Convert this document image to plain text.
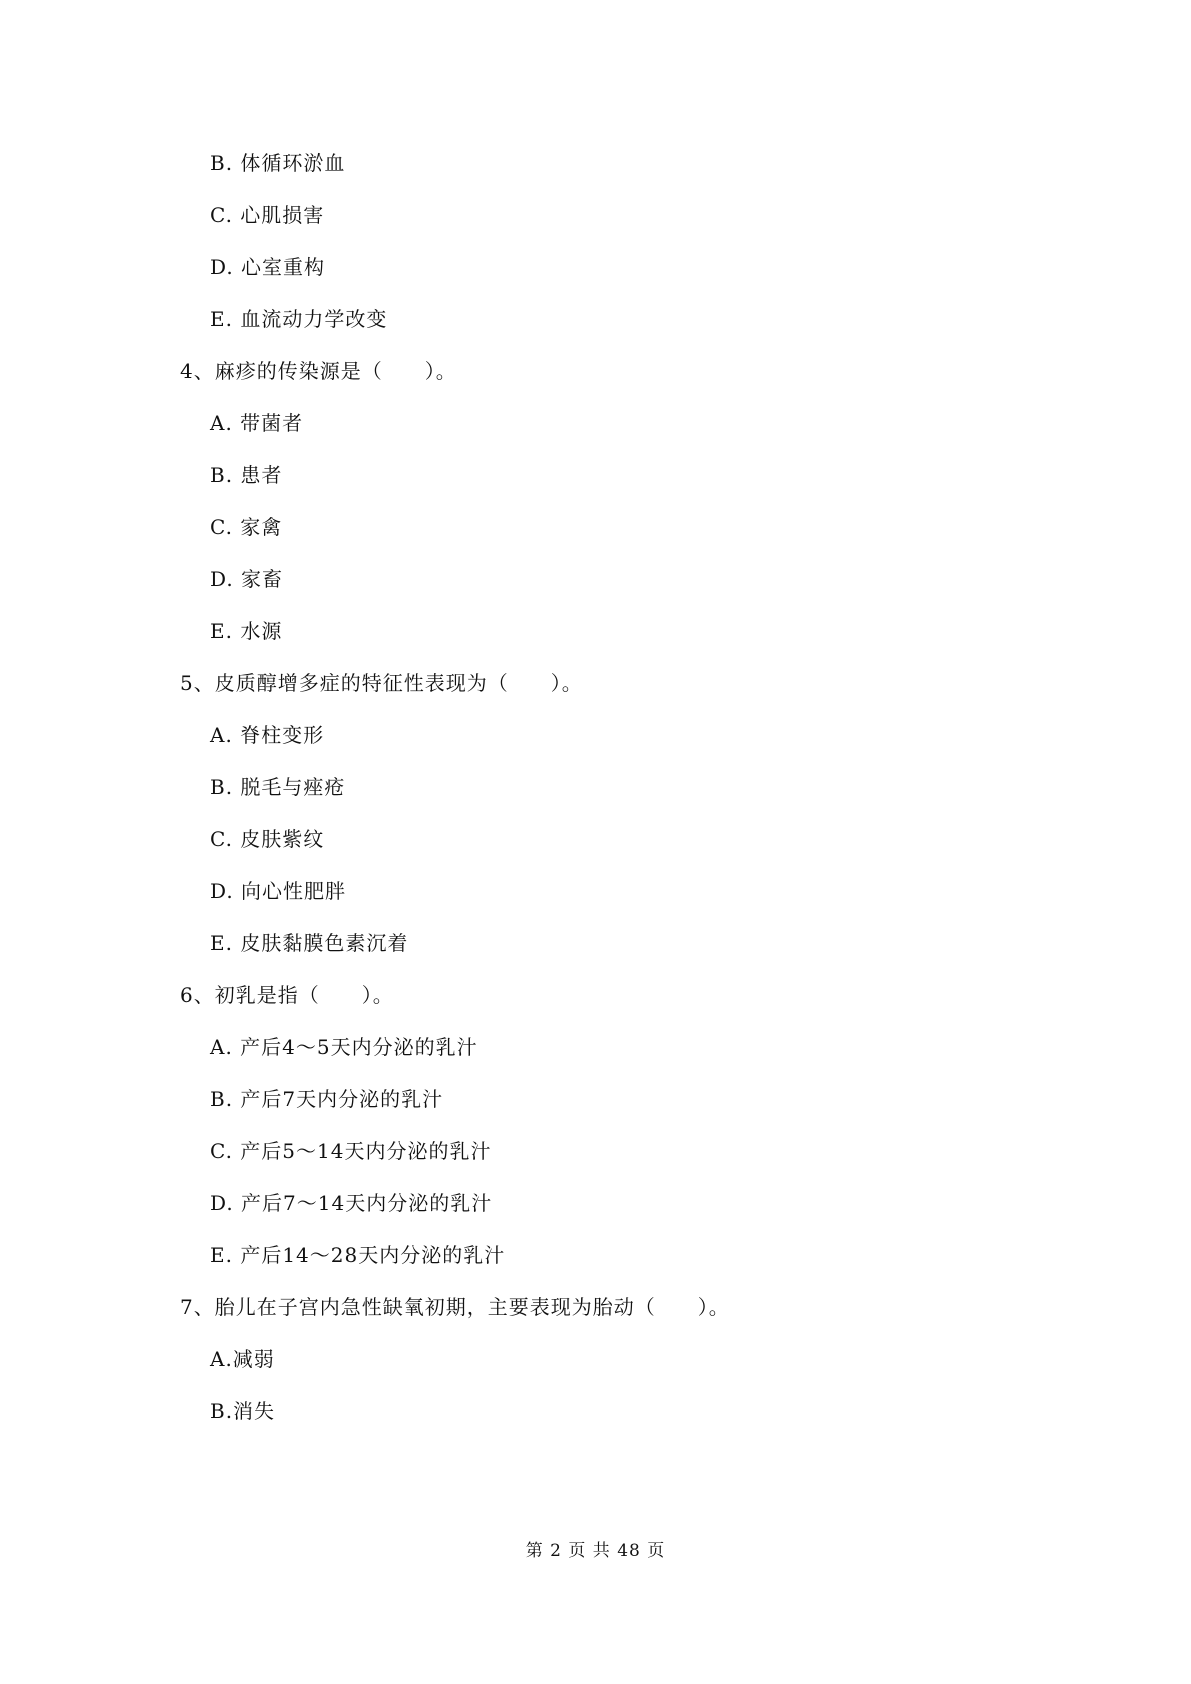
B. 体循环淤血
C. 心肌损害
D. 心室重构
E. 血流动力学改变
4、麻疹的传染源是（　　）。
A. 带菌者
B. 患者
C. 家禽
D. 家畜
E. 水源
5、皮质醇增多症的特征性表现为（　　）。
A. 脊柱变形
B. 脱毛与痤疮
C. 皮肤紫纹
D. 向心性肥胖
E. 皮肤黏膜色素沉着
6、初乳是指（　　）。
A. 产后4～5天内分泌的乳汁
B. 产后7天内分泌的乳汁
C. 产后5～14天内分泌的乳汁
D. 产后7～14天内分泌的乳汁
E. 产后14～28天内分泌的乳汁
7、胎儿在子宫内急性缺氧初期，主要表现为胎动（　　）。
A.减弱
B.消失
第 2 页 共 48 页
